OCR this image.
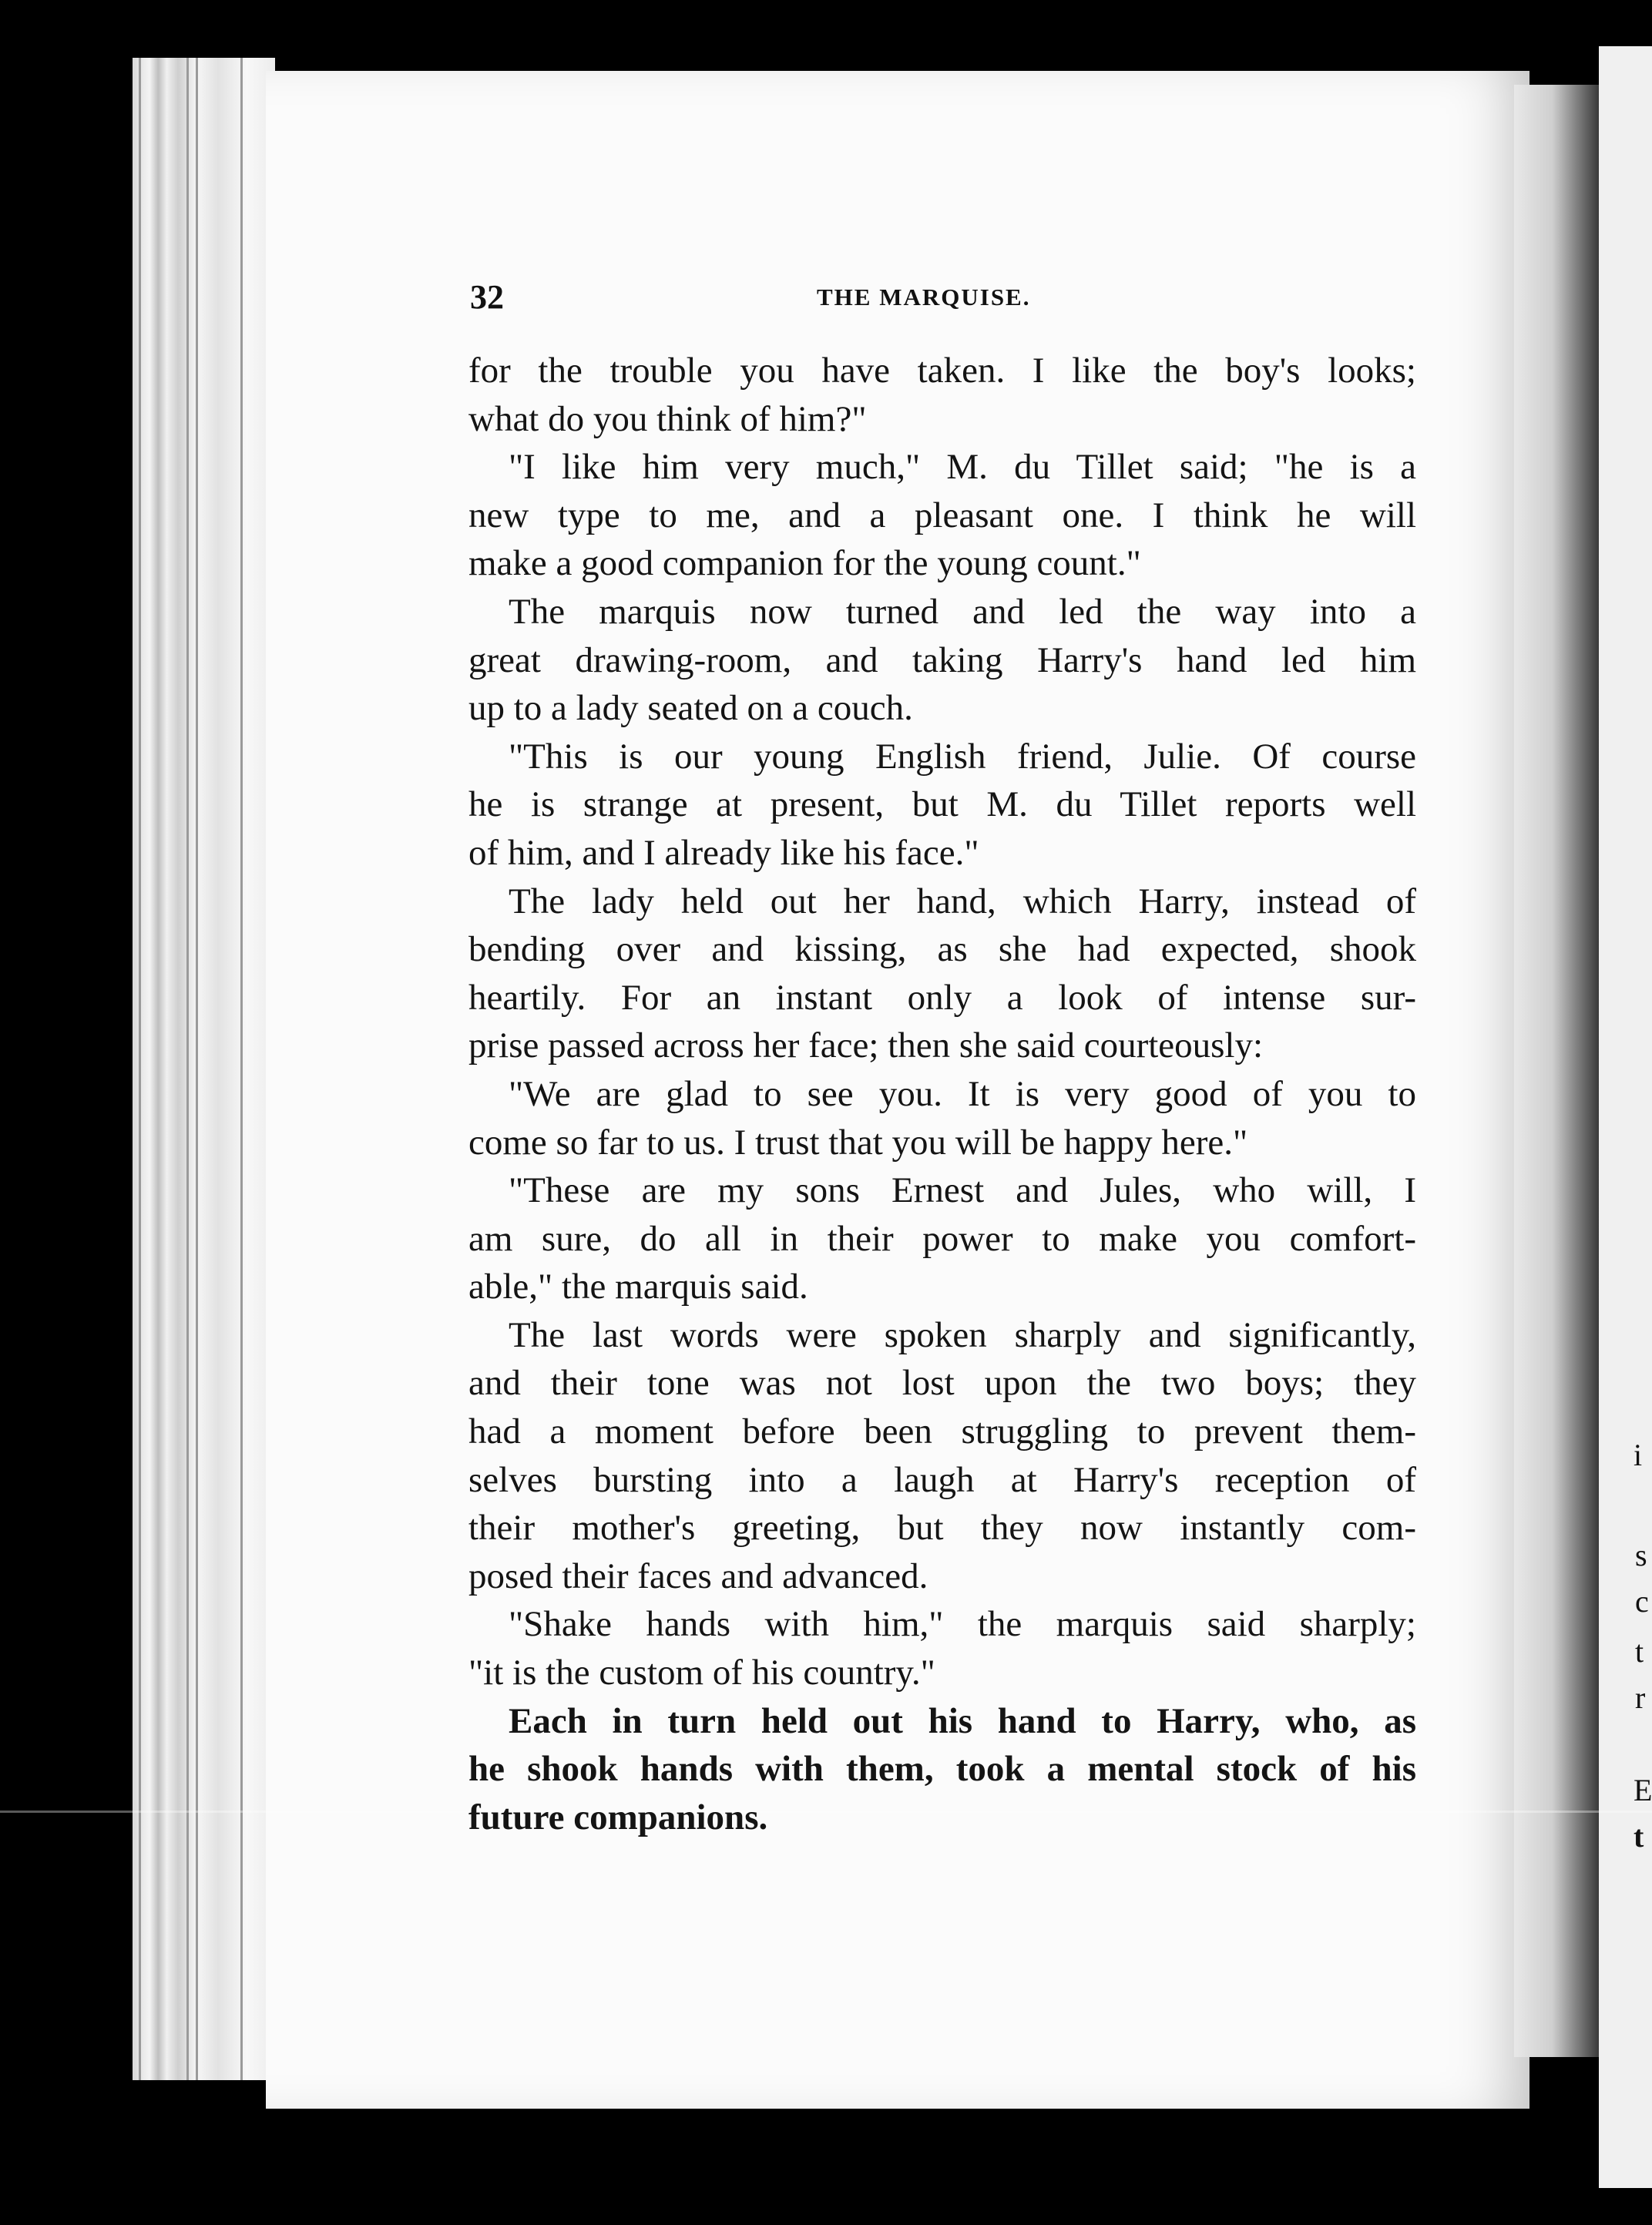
32	THE MARQUISE.
for the trouble you have taken. I like the boy's looks;
what do you think of him?"
"I like him very much," M. du Tillet said; "he is a
new type to me, and a pleasant one. I think he will
make a good companion for the young count."
The marquis now turned and led the way into a
great drawing-room, and taking Harry's hand led him
up to a lady seated on a couch.
"This is our young English friend, Julie. Of course
he is strange at present, but M. du Tillet reports well
of him, and I already like his face."
The lady held out her hand, which Harry, instead of
bending over and kissing, as she had expected, shook
heartily. For an instant only a look of intense sur-
prise passed across her face; then she said courteously:
"We are glad to see you. It is very good of you to
come so far to us. I trust that you will be happy here."
"These are my sons Ernest and Jules, who will, I
am sure, do all in their power to make you comfort-
able," the marquis said.
The last words were spoken sharply and significantly,
and their tone was not lost upon the two boys; they
had a moment before been struggling to prevent them-
selves bursting into a laugh at Harry's reception of
their mother's greeting, but they now instantly com-
posed their faces and advanced.
"Shake hands with him," the marquis said sharply;
"it is the custom of his country."
Each in turn held out his hand to Harry, who, as
he shook hands with them, took a mental stock of his
future companions.
i
s
c
t
r
E
t
